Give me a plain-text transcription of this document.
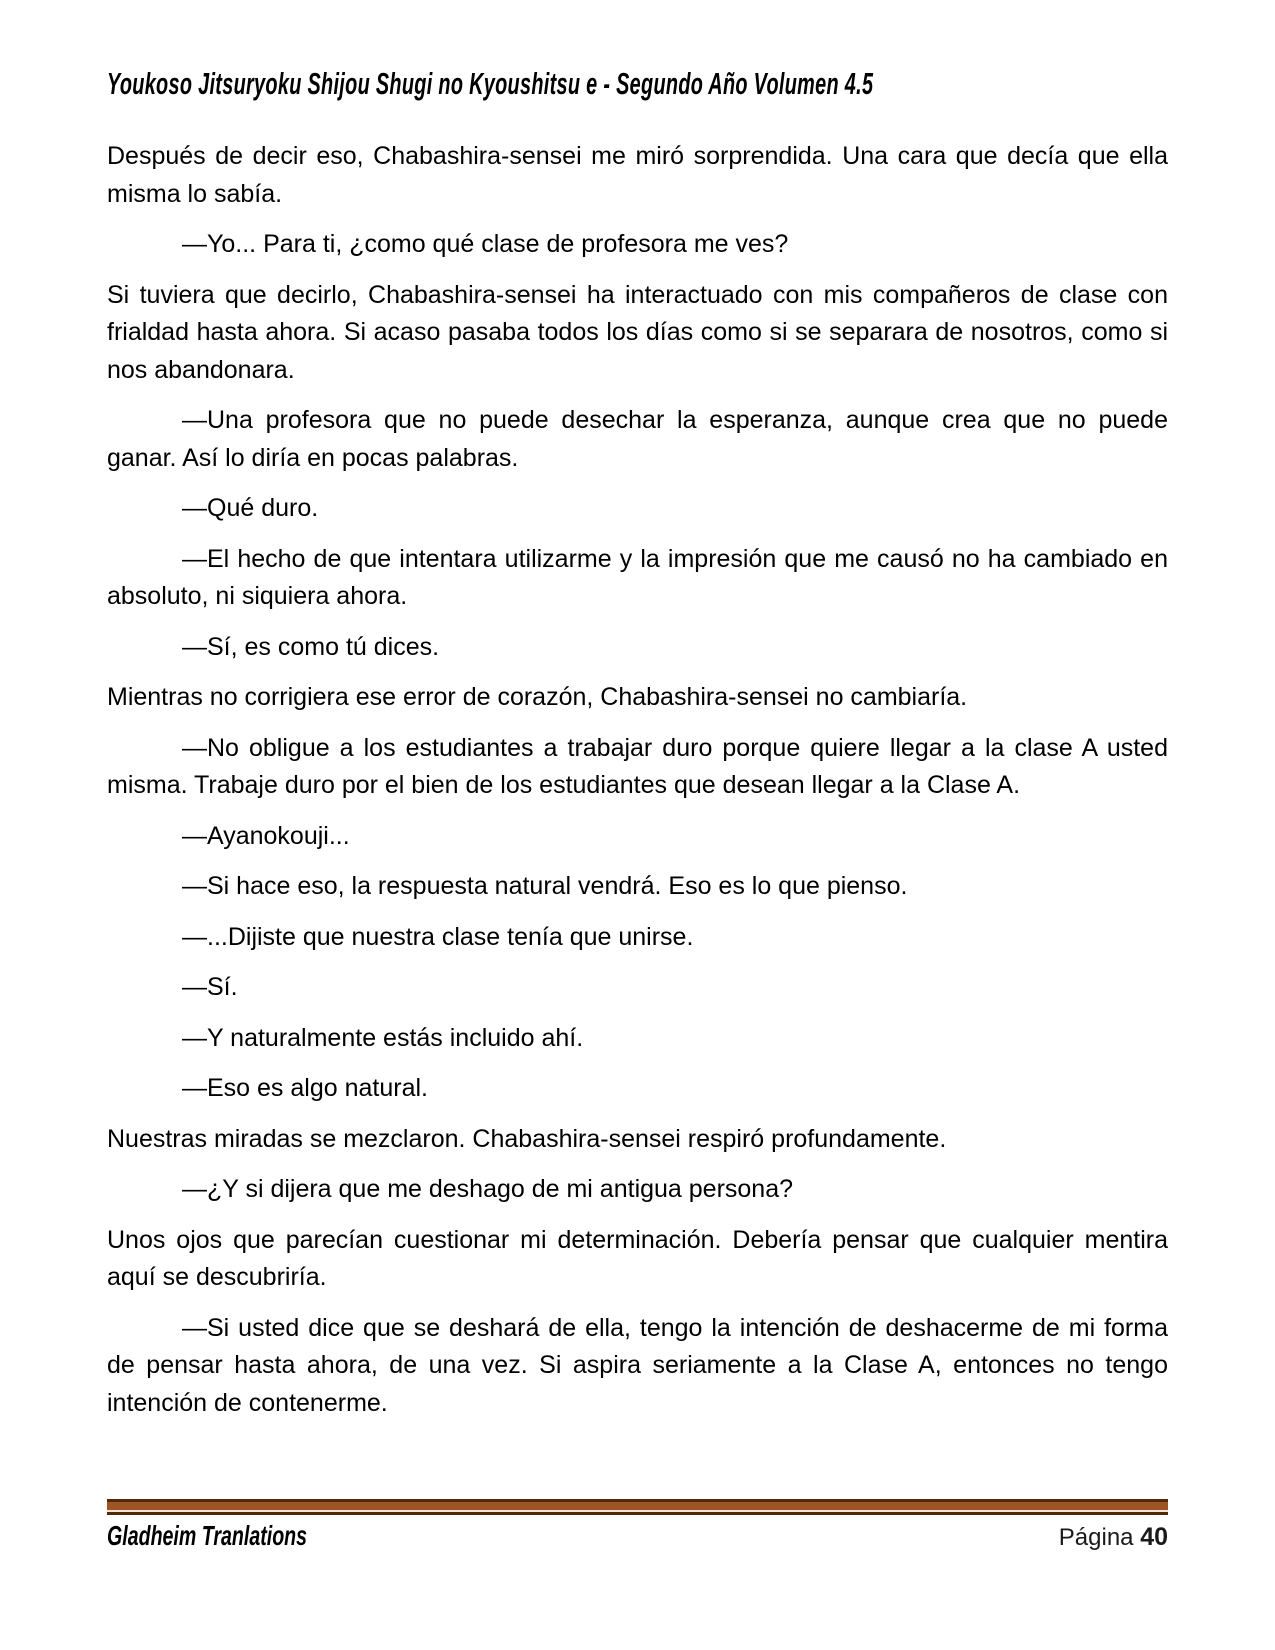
Youkoso Jitsuryoku Shijou Shugi no Kyoushitsu e - Segundo Año Volumen 4.5

Después de decir eso, Chabashira-sensei me miró sorprendida. Una cara que decía que ella misma lo sabía.

—Yo... Para ti, ¿como qué clase de profesora me ves?

Si tuviera que decirlo, Chabashira-sensei ha interactuado con mis compañeros de clase con frialdad hasta ahora. Si acaso pasaba todos los días como si se separara de nosotros, como si nos abandonara.

—Una profesora que no puede desechar la esperanza, aunque crea que no puede ganar. Así lo diría en pocas palabras.

—Qué duro.

—El hecho de que intentara utilizarme y la impresión que me causó no ha cambiado en absoluto, ni siquiera ahora.

—Sí, es como tú dices.

Mientras no corrigiera ese error de corazón, Chabashira-sensei no cambiaría.

—No obligue a los estudiantes a trabajar duro porque quiere llegar a la clase A usted misma. Trabaje duro por el bien de los estudiantes que desean llegar a la Clase A.

—Ayanokouji...

—Si hace eso, la respuesta natural vendrá. Eso es lo que pienso.

—...Dijiste que nuestra clase tenía que unirse.

—Sí.

—Y naturalmente estás incluido ahí.

—Eso es algo natural.

Nuestras miradas se mezclaron. Chabashira-sensei respiró profundamente.

—¿Y si dijera que me deshago de mi antigua persona?

Unos ojos que parecían cuestionar mi determinación. Debería pensar que cualquier mentira aquí se descubriría.

—Si usted dice que se deshará de ella, tengo la intención de deshacerme de mi forma de pensar hasta ahora, de una vez. Si aspira seriamente a la Clase A, entonces no tengo intención de contenerme.

Gladheim Tranlations	Página 40
